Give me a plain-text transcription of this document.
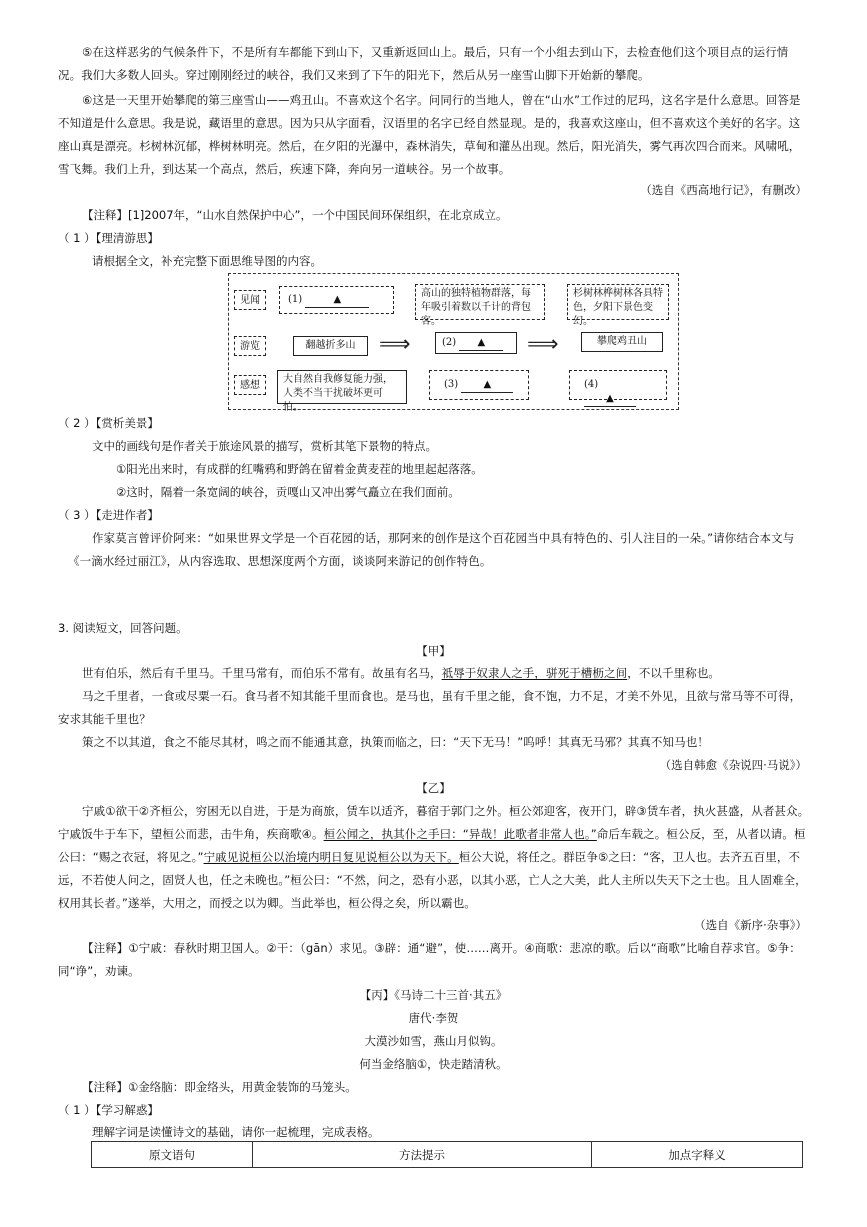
⑤在这样恶劣的气候条件下，不是所有车都能下到山下，又重新返回山上。最后，只有一个小组去到山下，去检查他们这个项目点的运行情况。我们大多数人回头。穿过刚刚经过的峡谷，我们又来到了下午的阳光下，然后从另一座雪山脚下开始新的攀爬。

⑥这是一天里开始攀爬的第三座雪山——鸡丑山。不喜欢这个名字。问同行的当地人，曾在“山水”工作过的尼玛，这名字是什么意思。回答是不知道是什么意思。我是说，藏语里的意思。因为只从字面看，汉语里的名字已经自然显现。是的，我喜欢这座山，但不喜欢这个美好的名字。这座山真是漂亮。杉树林沉郁，桦树林明亮。然后，在夕阳的光瀑中，森林消失，草甸和灌丛出现。然后，阳光消失，雾气再次四合而来。风啸吼，雪飞舞。我们上升，到达某一个高点，然后，疾速下降，奔向另一道峡谷。另一个故事。

（选自《西高地行记》，有删改）
【注释】[1]2007年，“山水自然保护中心”，一个中国民间环保组织，在北京成立。
（ 1 ）【理清游思】
请根据全文，补充完整下面思维导图的内容。
见闻
游览
感想
(1)	▲
翻越折多山
大自然自我修复能力强，人类不当干扰破坏更可怕。
⟹
高山的独特植物群落，每年吸引着数以千计的背包客。
(2) ▲
(3)	▲
⟹
杉树林桦树林各具特色，夕阳下景色变幻。
攀爬鸡丑山
(4) ▲
（ 2 ）【赏析美景】
文中的画线句是作者关于旅途风景的描写，赏析其笔下景物的特点。
①阳光出来时，有成群的红嘴鸦和野鸽在留着金黄麦茬的地里起起落落。
②这时，隔着一条宽阔的峡谷，贡嘎山又冲出雾气矗立在我们面前。
（ 3 ）【走进作者】

作家莫言曾评价阿来：“如果世界文学是一个百花园的话，那阿来的创作是这个百花园当中具有特色的、引人注目的一朵。”请你结合本文与《一滴水经过丽江》，从内容选取、思想深度两个方面，谈谈阿来游记的创作特色。

3. 阅读短文，回答问题。
【甲】

世有伯乐，然后有千里马。千里马常有，而伯乐不常有。故虽有名马，祗辱于奴隶人之手，骈死于槽枥之间，不以千里称也。

马之千里者，一食或尽粟一石。食马者不知其能千里而食也。是马也，虽有千里之能，食不饱，力不足，才美不外见，且欲与常马等不可得，安求其能千里也？

策之不以其道，食之不能尽其材，鸣之而不能通其意，执策而临之，曰：“天下无马！”呜呼！其真无马邪？其真不知马也！

（选自韩愈《杂说四·马说》）
【乙】

宁戚①欲干②齐桓公，穷困无以自进，于是为商旅，赁车以适齐，暮宿于郭门之外。桓公郊迎客，夜开门，辟③赁车者，执火甚盛，从者甚众。宁戚饭牛于车下，望桓公而悲，击牛角，疾商歌④。桓公闻之，执其仆之手曰：“异哉！此歌者非常人也。”命后车载之。桓公反，至，从者以请。桓公曰：“赐之衣冠，将见之。”宁戚见说桓公以治境内明日复见说桓公以为天下。桓公大说，将任之。群臣争⑤之曰：“客，卫人也。去齐五百里，不远，不若使人问之，固贤人也，任之未晚也。”桓公曰：“不然，问之，恐有小恶，以其小恶，亡人之大美，此人主所以失天下之士也。且人固难全，权用其长者。”遂举，大用之，而授之以为卿。当此举也，桓公得之矣，所以霸也。

（选自《新序·杂事》）

【注释】①宁戚：春秋时期卫国人。②干：（gān）求见。③辟：通“避”，使……离开。④商歌：悲凉的歌。后以“商歌”比喻自荐求官。⑤争：同“诤”，劝谏。

【丙】《马诗二十三首·其五》
唐代·李贺
大漠沙如雪，燕山月似钩。
何当金络脑①，快走踏清秋。
【注释】①金络脑：即金络头，用黄金装饰的马笼头。
（ 1 ）【学习解惑】
理解字词是读懂诗文的基础，请你一起梳理，完成表格。
原文语句	方法提示	加点字释义
